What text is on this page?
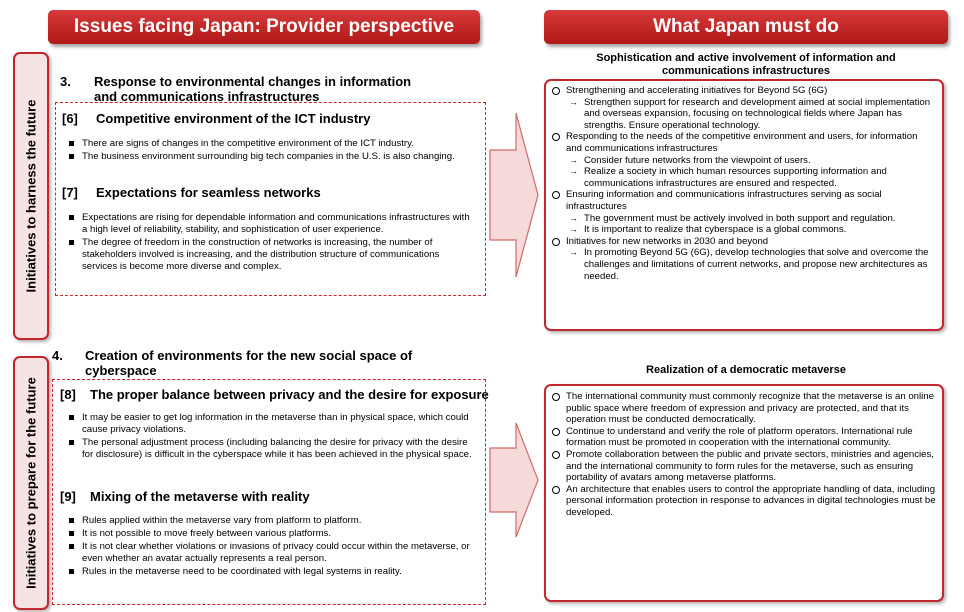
Issues facing Japan: Provider perspective	What Japan must do
Initiatives to harness the future
Initiatives to prepare for the future
3. Response to environmental changes in information and communications infrastructures
[6] Competitive environment of the ICT industry
There are signs of changes in the competitive environment of the ICT industry.
The business environment surrounding big tech companies in the U.S. is also changing.
[7] Expectations for seamless networks
Expectations are rising for dependable information and communications infrastructures with a high level of reliability, stability, and sophistication of user experience.
The degree of freedom in the construction of networks is increasing, the number of stakeholders involved is increasing, and the distribution structure of communications services is become more diverse and complex.
4. Creation of environments for the new social space of cyberspace
[8] The proper balance between privacy and the desire for exposure
It may be easier to get log information in the metaverse than in physical space, which could cause privacy violations.
The personal adjustment process (including balancing the desire for privacy with the desire for disclosure) is difficult in the cyberspace while it has been achieved in the physical space.
[9] Mixing of the metaverse with reality
Rules applied within the metaverse vary from platform to platform.
It is not possible to move freely between various platforms.
It is not clear whether violations or invasions of privacy could occur within the metaverse, or even whether an avatar actually represents a real person.
Rules in the metaverse need to be coordinated with legal systems in reality.
Sophistication and active involvement of information and communications infrastructures
Strengthening and accelerating initiatives for Beyond 5G (6G)
→ Strengthen support for research and development aimed at social implementation and overseas expansion, focusing on technological fields where Japan has strengths. Ensure operational technology.
Responding to the needs of the competitive environment and users, for information and communications infrastructures
→ Consider future networks from the viewpoint of users.
→ Realize a society in which human resources supporting information and communications infrastructures are ensured and respected.
Ensuring information and communications infrastructures serving as social infrastructures
→ The government must be actively involved in both support and regulation.
→ It is important to realize that cyberspace is a global commons.
Initiatives for new networks in 2030 and beyond
→ In promoting Beyond 5G (6G), develop technologies that solve and overcome the challenges and limitations of current networks, and propose new architectures as needed.
Realization of a democratic metaverse
The international community must commonly recognize that the metaverse is an online public space where freedom of expression and privacy are protected, and that its operation must be conducted democratically.
Continue to understand and verify the role of platform operators. International rule formation must be promoted in cooperation with the international community.
Promote collaboration between the public and private sectors, ministries and agencies, and the international community to form rules for the metaverse, such as ensuring portability of avatars among metaverse platforms.
An architecture that enables users to control the appropriate handling of data, including personal information protection in response to advances in digital technologies must be developed.
